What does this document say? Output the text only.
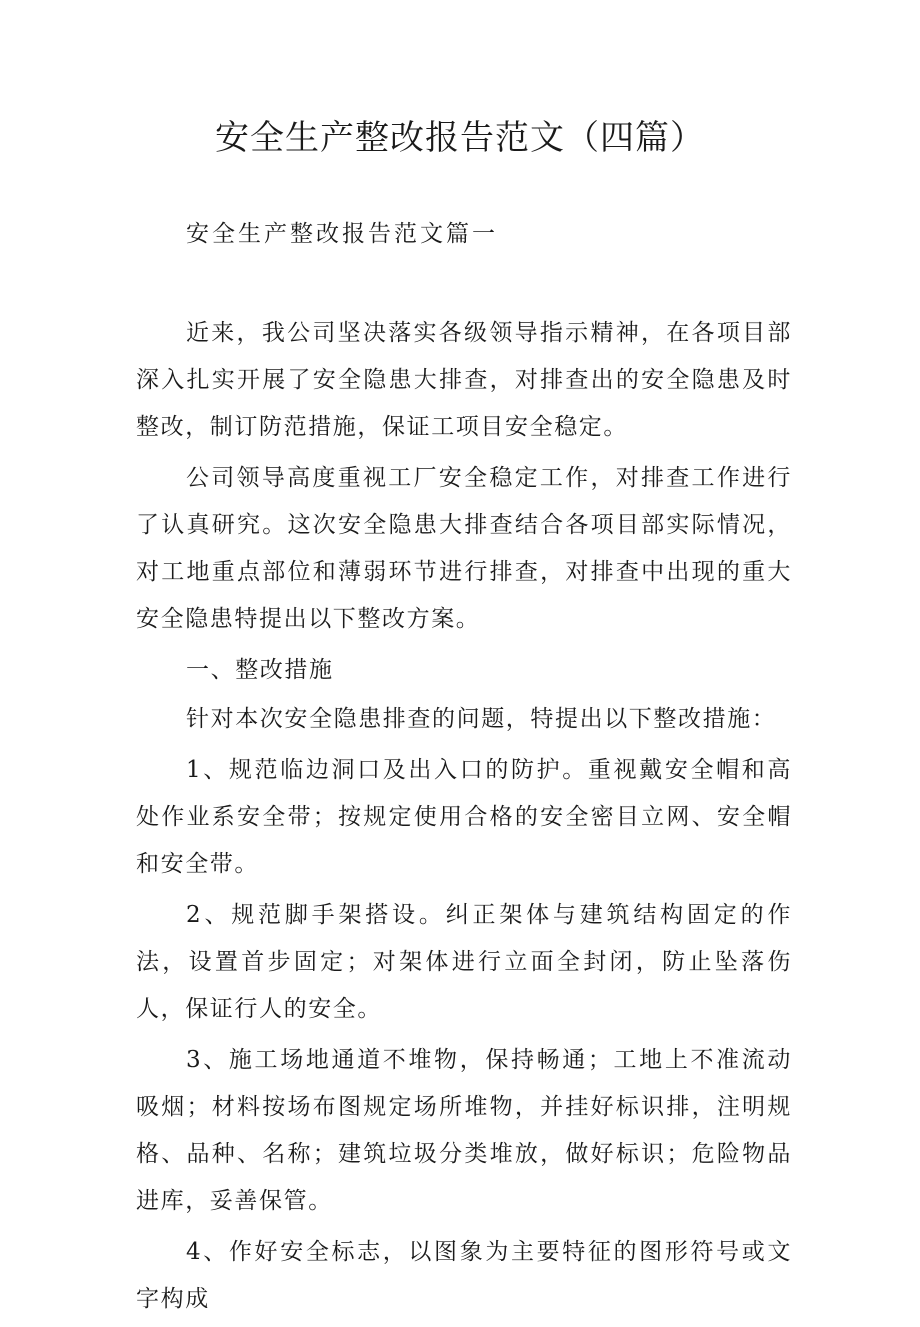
安全生产整改报告范文（四篇）
安全生产整改报告范文篇一

近来，我公司坚决落实各级领导指示精神，在各项目部深入扎实开展了安全隐患大排查，对排查出的安全隐患及时整改，制订防范措施，保证工项目安全稳定。

公司领导高度重视工厂安全稳定工作，对排查工作进行了认真研究。这次安全隐患大排查结合各项目部实际情况，对工地重点部位和薄弱环节进行排查，对排查中出现的重大安全隐患特提出以下整改方案。

一、整改措施

针对本次安全隐患排查的问题，特提出以下整改措施：

1、规范临边洞口及出入口的防护。重视戴安全帽和高处作业系安全带；按规定使用合格的安全密目立网、安全帽和安全带。

2、规范脚手架搭设。纠正架体与建筑结构固定的作法，设置首步固定；对架体进行立面全封闭，防止坠落伤人，保证行人的安全。

3、施工场地通道不堆物，保持畅通；工地上不准流动吸烟；材料按场布图规定场所堆物，并挂好标识排，注明规格、品种、名称；建筑垃圾分类堆放，做好标识；危险物品进库，妥善保管。

4、作好安全标志，以图象为主要特征的图形符号或文字构成
